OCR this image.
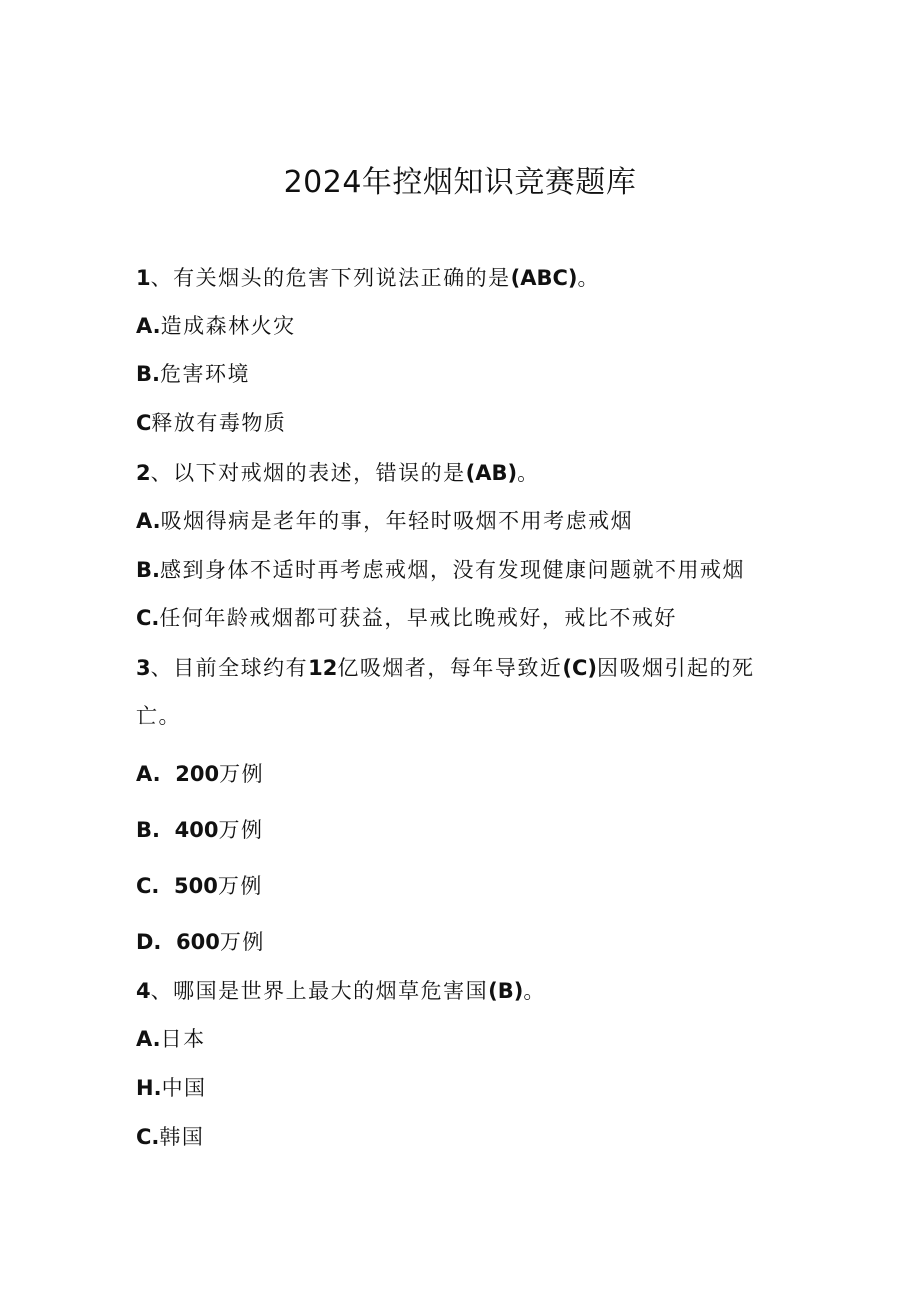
2024年控烟知识竞赛题库
1、有关烟头的危害下列说法正确的是(ABC)。
A.造成森林火灾
B.危害环境
C释放有毒物质
2、以下对戒烟的表述，错误的是(AB)。
A.吸烟得病是老年的事，年轻时吸烟不用考虑戒烟
B.感到身体不适时再考虑戒烟，没有发现健康问题就不用戒烟
C.任何年龄戒烟都可获益，早戒比晚戒好，戒比不戒好
3、目前全球约有12亿吸烟者，每年导致近(C)因吸烟引起的死
亡。
A.  200万例
B.  400万例
C.  500万例
D.  600万例
4、哪国是世界上最大的烟草危害国(B)。
A.日本
H.中国
C.韩国
